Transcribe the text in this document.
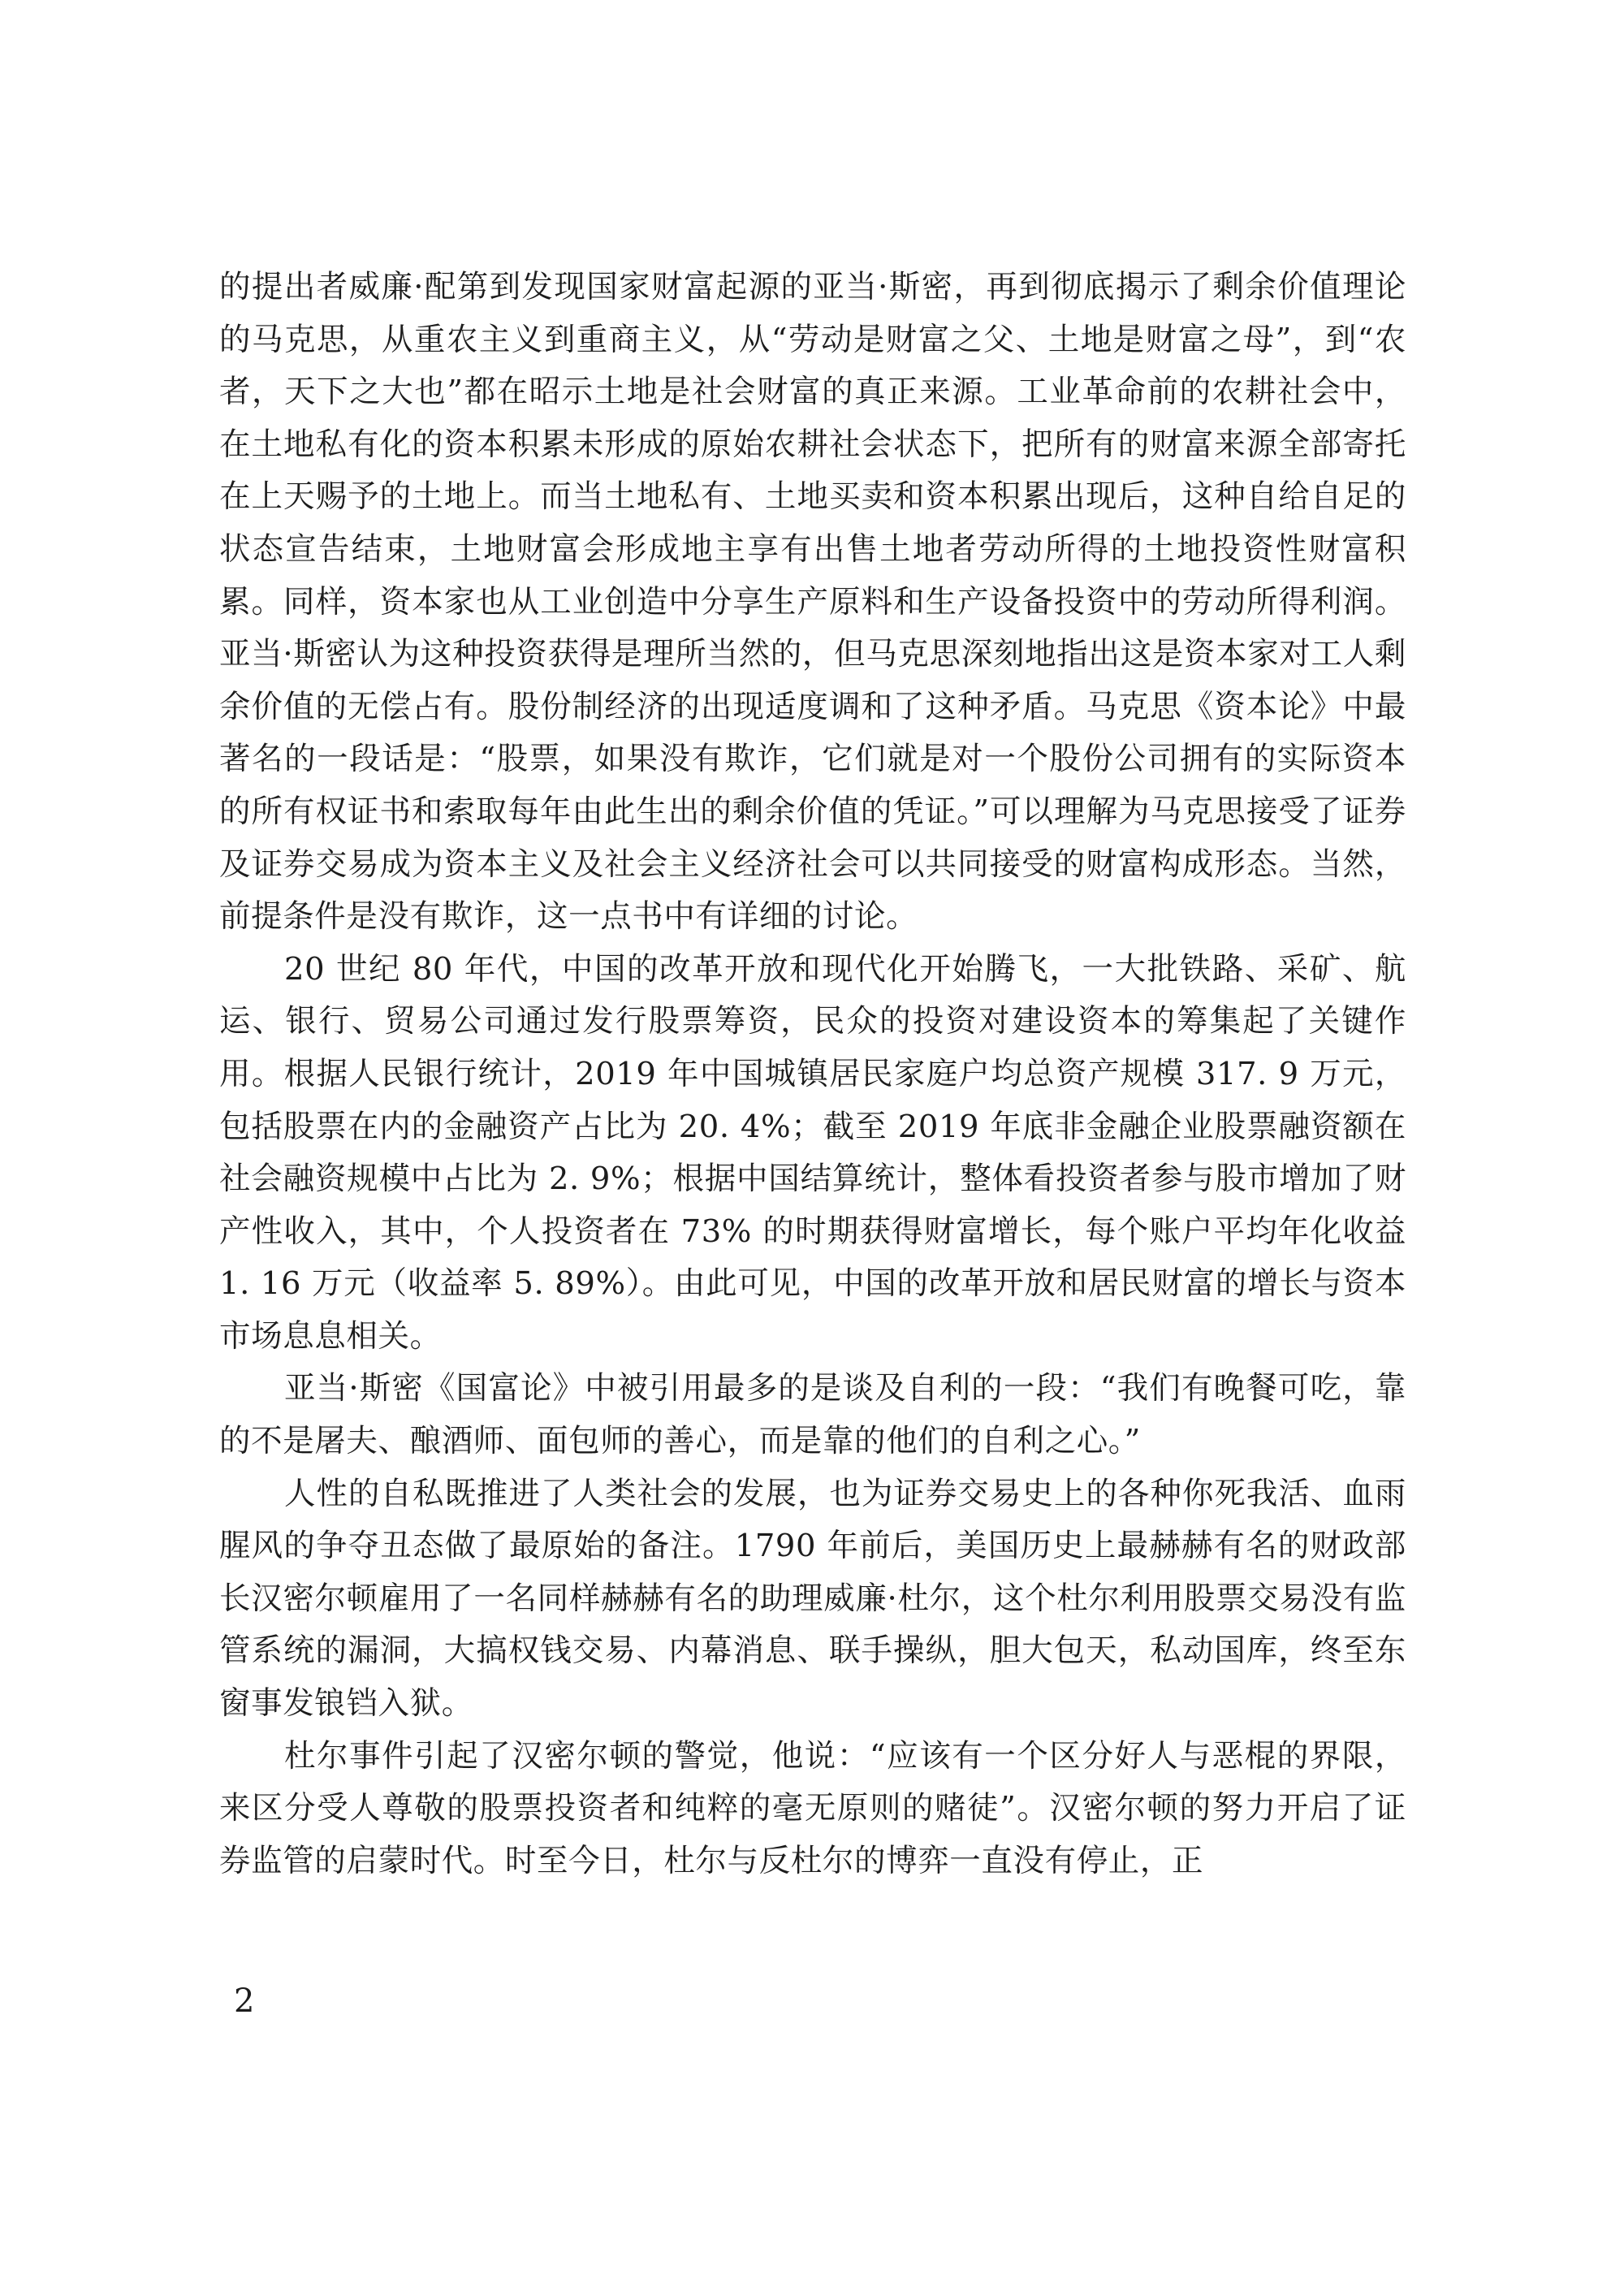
的提出者威廉·配第到发现国家财富起源的亚当·斯密，再到彻底揭示了剩余价值理论的马克思，从重农主义到重商主义，从“劳动是财富之父、土地是财富之母”，到“农者，天下之大也”都在昭示土地是社会财富的真正来源。工业革命前的农耕社会中，在土地私有化的资本积累未形成的原始农耕社会状态下，把所有的财富来源全部寄托在上天赐予的土地上。而当土地私有、土地买卖和资本积累出现后，这种自给自足的状态宣告结束，土地财富会形成地主享有出售土地者劳动所得的土地投资性财富积累。同样，资本家也从工业创造中分享生产原料和生产设备投资中的劳动所得利润。亚当·斯密认为这种投资获得是理所当然的，但马克思深刻地指出这是资本家对工人剩余价值的无偿占有。股份制经济的出现适度调和了这种矛盾。马克思《资本论》中最著名的一段话是：“股票，如果没有欺诈，它们就是对一个股份公司拥有的实际资本的所有权证书和索取每年由此生出的剩余价值的凭证。”可以理解为马克思接受了证券及证券交易成为资本主义及社会主义经济社会可以共同接受的财富构成形态。当然，前提条件是没有欺诈，这一点书中有详细的讨论。

20 世纪 80 年代，中国的改革开放和现代化开始腾飞，一大批铁路、采矿、航运、银行、贸易公司通过发行股票筹资，民众的投资对建设资本的筹集起了关键作用。根据人民银行统计，2019 年中国城镇居民家庭户均总资产规模 317. 9 万元，包括股票在内的金融资产占比为 20. 4%；截至 2019 年底非金融企业股票融资额在社会融资规模中占比为 2. 9%；根据中国结算统计，整体看投资者参与股市增加了财产性收入，其中，个人投资者在 73% 的时期获得财富增长，每个账户平均年化收益 1. 16 万元（收益率 5. 89%）。由此可见，中国的改革开放和居民财富的增长与资本市场息息相关。

亚当·斯密《国富论》中被引用最多的是谈及自利的一段：“我们有晚餐可吃，靠的不是屠夫、酿酒师、面包师的善心，而是靠的他们的自利之心。”

人性的自私既推进了人类社会的发展，也为证券交易史上的各种你死我活、血雨腥风的争夺丑态做了最原始的备注。1790 年前后，美国历史上最赫赫有名的财政部长汉密尔顿雇用了一名同样赫赫有名的助理威廉·杜尔，这个杜尔利用股票交易没有监管系统的漏洞，大搞权钱交易、内幕消息、联手操纵，胆大包天，私动国库，终至东窗事发锒铛入狱。

杜尔事件引起了汉密尔顿的警觉，他说：“应该有一个区分好人与恶棍的界限，来区分受人尊敬的股票投资者和纯粹的毫无原则的赌徒”。汉密尔顿的努力开启了证券监管的启蒙时代。时至今日，杜尔与反杜尔的博弈一直没有停止，正

2
